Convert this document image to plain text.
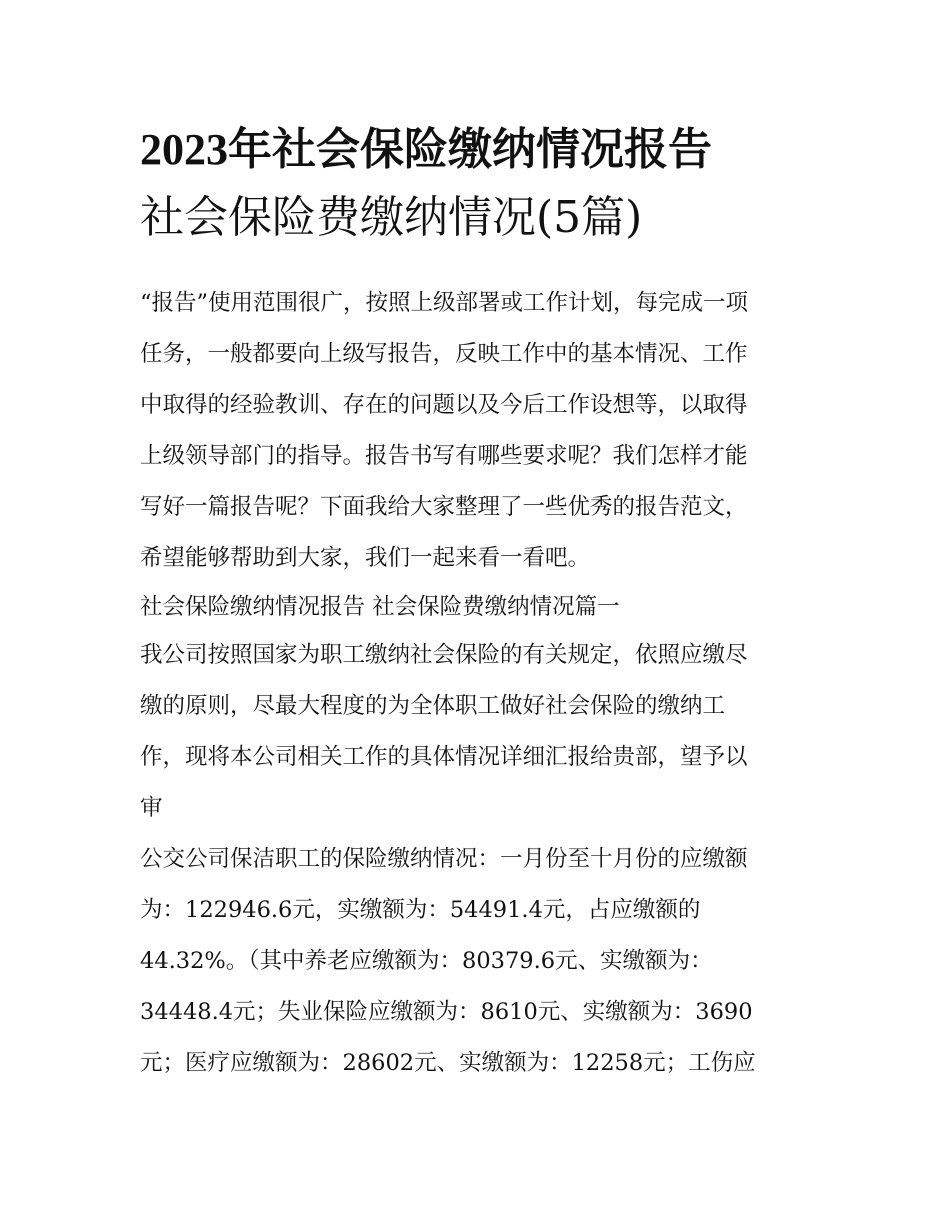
2023年社会保险缴纳情况报告
社会保险费缴纳情况(5篇)
“报告”使用范围很广，按照上级部署或工作计划，每完成一项
任务，一般都要向上级写报告，反映工作中的基本情况、工作
中取得的经验教训、存在的问题以及今后工作设想等，以取得
上级领导部门的指导。报告书写有哪些要求呢？我们怎样才能
写好一篇报告呢？下面我给大家整理了一些优秀的报告范文，
希望能够帮助到大家，我们一起来看一看吧。
社会保险缴纳情况报告 社会保险费缴纳情况篇一
我公司按照国家为职工缴纳社会保险的有关规定，依照应缴尽
缴的原则，尽最大程度的为全体职工做好社会保险的缴纳工
作，现将本公司相关工作的具体情况详细汇报给贵部，望予以
审
公交公司保洁职工的保险缴纳情况：一月份至十月份的应缴额
为：122946.6元，实缴额为：54491.4元，占应缴额的
44.32%。（其中养老应缴额为：80379.6元、实缴额为：
34448.4元；失业保险应缴额为：8610元、实缴额为：3690
元；医疗应缴额为：28602元、实缴额为：12258元；工伤应
